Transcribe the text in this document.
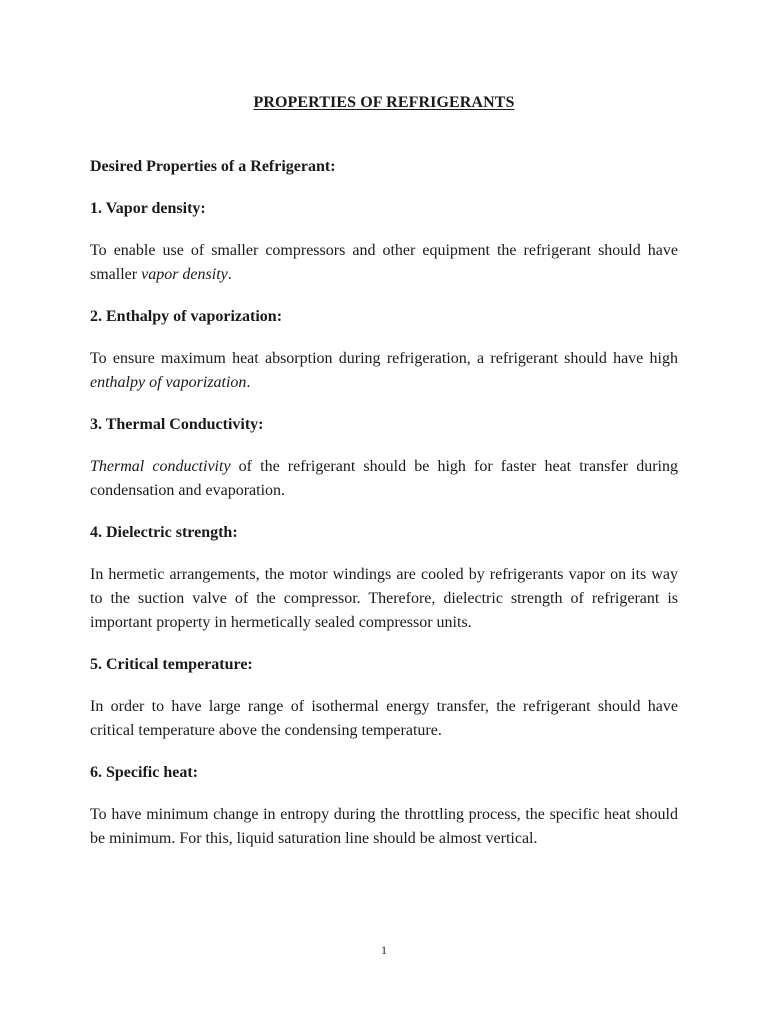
PROPERTIES OF REFRIGERANTS
Desired Properties of a Refrigerant:
1. Vapor density:

To enable use of smaller compressors and other equipment the refrigerant should have smaller vapor density.

2. Enthalpy of vaporization:

To ensure maximum heat absorption during refrigeration, a refrigerant should have high enthalpy of vaporization.

3. Thermal Conductivity:

Thermal conductivity of the refrigerant should be high for faster heat transfer during condensation and evaporation.

4. Dielectric strength:

In hermetic arrangements, the motor windings are cooled by refrigerants vapor on its way to the suction valve of the compressor. Therefore, dielectric strength of refrigerant is important property in hermetically sealed compressor units.

5. Critical temperature:

In order to have large range of isothermal energy transfer, the refrigerant should have critical temperature above the condensing temperature.

6. Specific heat:

To have minimum change in entropy during the throttling process, the specific heat should be minimum. For this, liquid saturation line should be almost vertical.

1
